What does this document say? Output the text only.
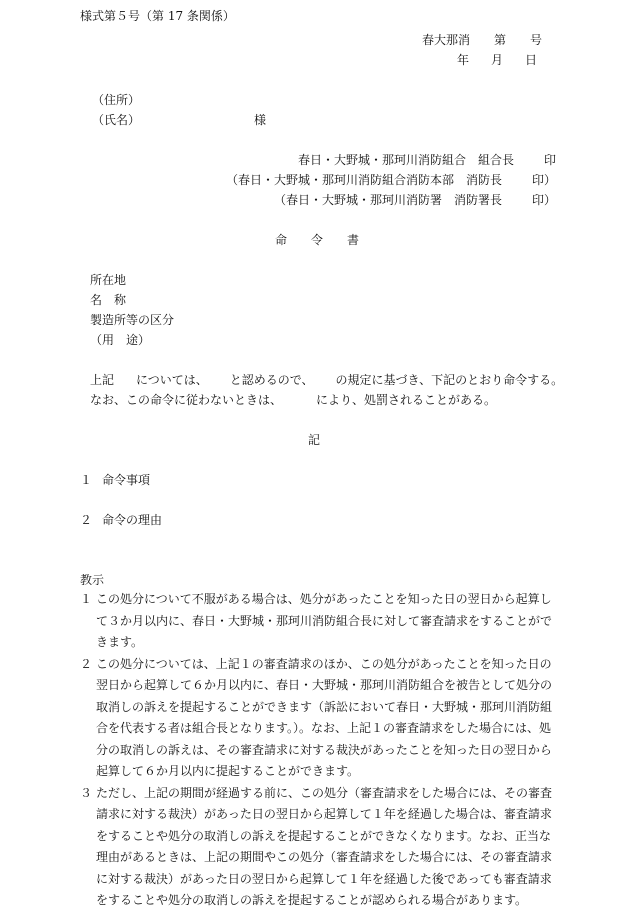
様式第５号（第 17 条関係）
春大那消 第 号
年 月 日
（住所）
（氏名）	様
春日・大野城・那珂川消防組合　組合長	印
（春日・大野城・那珂川消防組合消防本部　消防長	印）
（春日・大野城・那珂川消防署　消防署長	印）
命　　令　　書
所在地
名　称
製造所等の区分
（用　途）
上記 については、 と認めるので、 の規定に基づき、下記のとおり命令する。
なお、この命令に従わないときは、	により、処罰されることがある。
記
１ 命令事項
２ 命令の理由
教示

１ この処分について不服がある場合は、処分があったことを知った日の翌日から起算して３か月以内に、春日・大野城・那珂川消防組合長に対して審査請求をすることができます。

２ この処分については、上記１の審査請求のほか、この処分があったことを知った日の翌日から起算して６か月以内に、春日・大野城・那珂川消防組合を被告として処分の取消しの訴えを提起することができます（訴訟において春日・大野城・那珂川消防組合を代表する者は組合長となります。）。なお、上記１の審査請求をした場合には、処分の取消しの訴えは、その審査請求に対する裁決があったことを知った日の翌日から起算して６か月以内に提起することができます。

３ ただし、上記の期間が経過する前に、この処分（審査請求をした場合には、その審査請求に対する裁決）があった日の翌日から起算して１年を経過した場合は、審査請求をすることや処分の取消しの訴えを提起することができなくなります。なお、正当な理由があるときは、上記の期間やこの処分（審査請求をした場合には、その審査請求に対する裁決）があった日の翌日から起算して１年を経過した後であっても審査請求をすることや処分の取消しの訴えを提起することが認められる場合があります。
